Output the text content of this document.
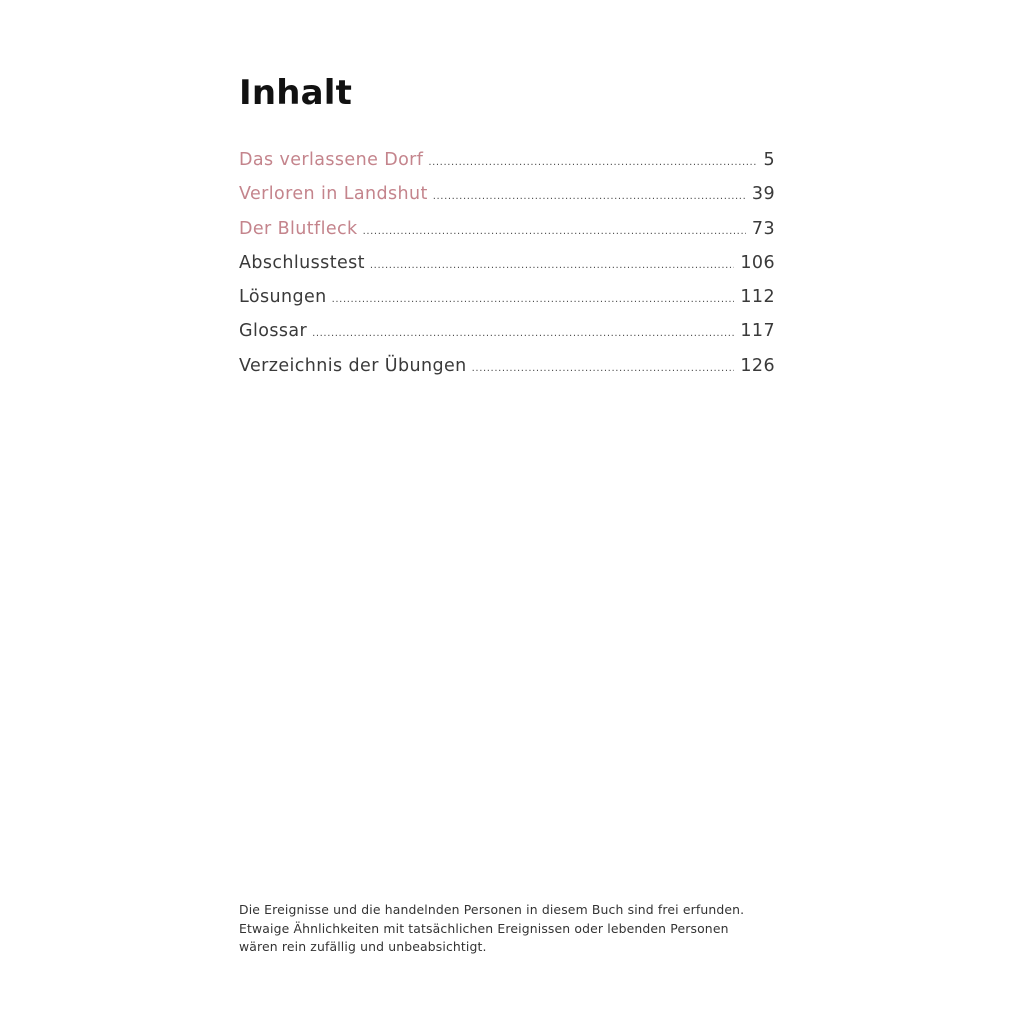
Inhalt
Das verlassene Dorf .....	5
Verloren in Landshut .....	39
Der Blutfleck .....	73
Abschlusstest .....	106
Lösungen .....	112
Glossar .....	117
Verzeichnis der Übungen .....	126

Die Ereignisse und die handelnden Personen in diesem Buch sind frei erfunden.
Etwaige Ähnlichkeiten mit tatsächlichen Ereignissen oder lebenden Personen
wären rein zufällig und unbeabsichtigt.
